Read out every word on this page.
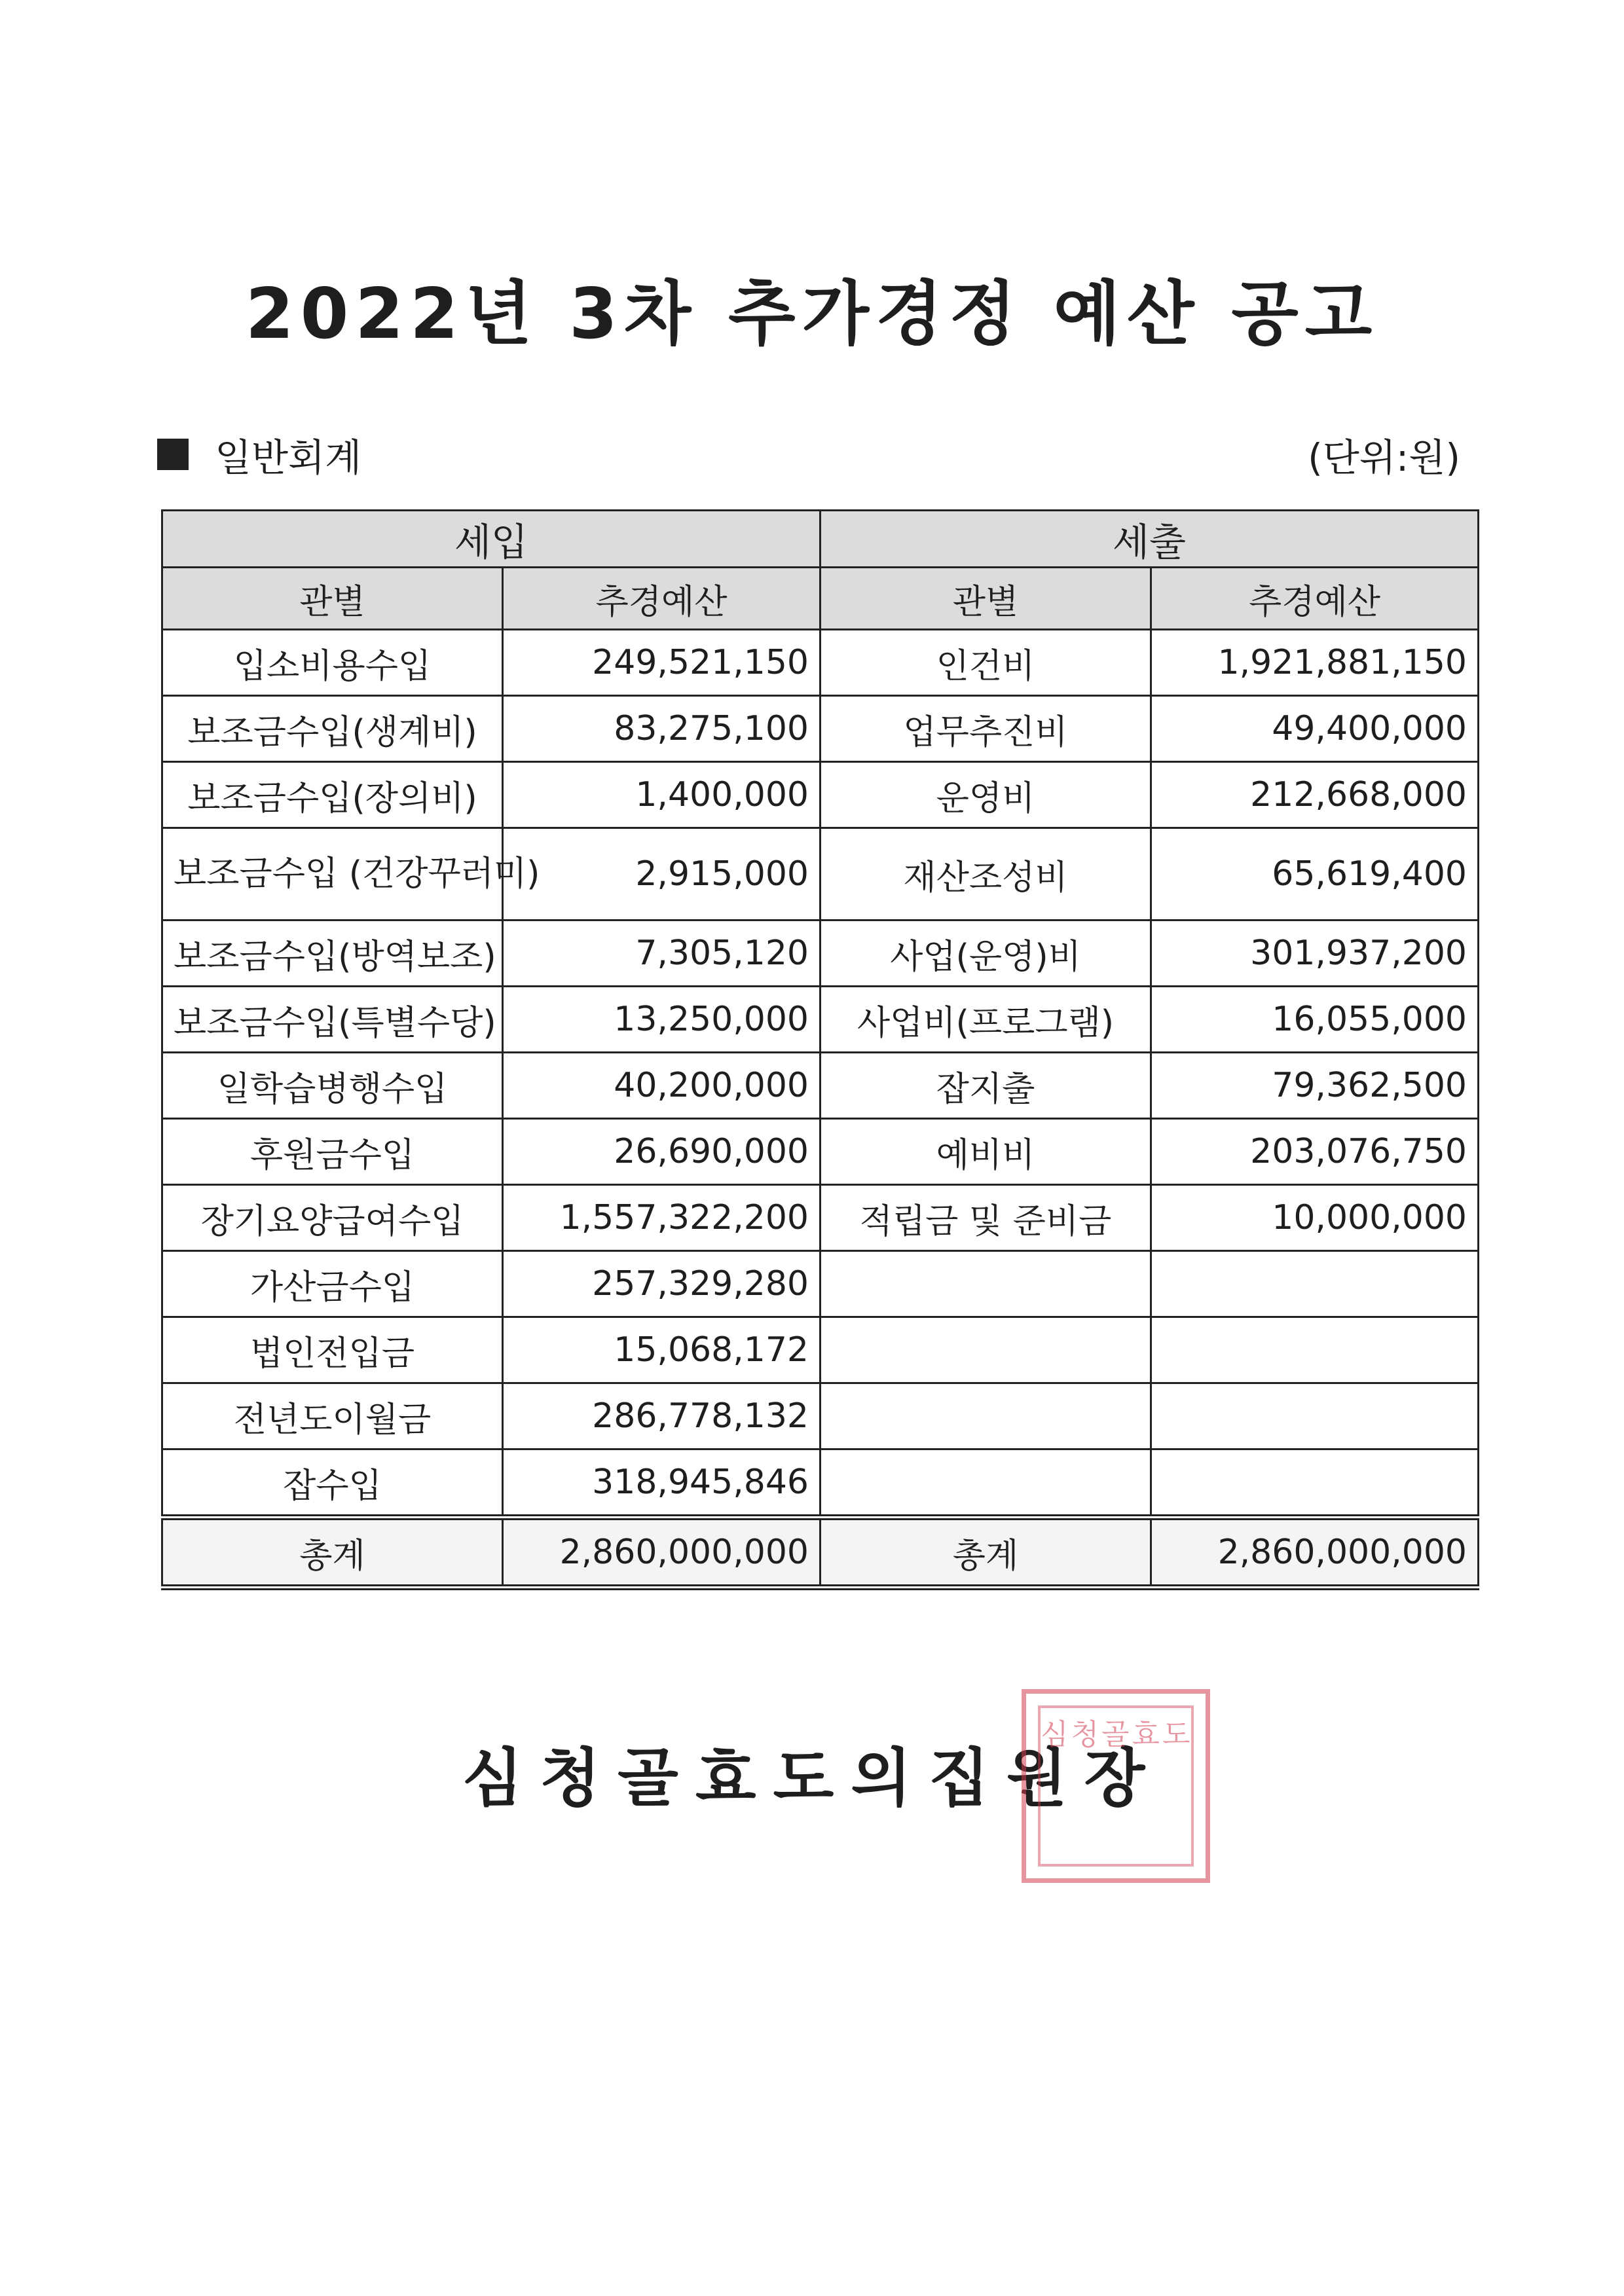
2022년 3차 추가경정 예산 공고
일반회계	(단위:원)
세입		세출	
관별	추경예산	관별	추경예산
입소비용수입	249,521,150	인건비	1,921,881,150
보조금수입(생계비)	83,275,100	업무추진비	49,400,000
보조금수입(장의비)	1,400,000	운영비	212,668,000
보조금수입 (건강꾸러미)	2,915,000	재산조성비	65,619,400
보조금수입(방역보조)	7,305,120	사업(운영)비	301,937,200
보조금수입(특별수당)	13,250,000	사업비(프로그램)	16,055,000
일학습병행수입	40,200,000	잡지출	79,362,500
후원금수입	26,690,000	예비비	203,076,750
장기요양급여수입	1,557,322,200	적립금 및 준비금	10,000,000
가산금수입	257,329,280		
법인전입금	15,068,172		
전년도이월금	286,778,132		
잡수입	318,945,846		
총계	2,860,000,000	총계	2,860,000,000
심청골효도의집원장
심청골효도
